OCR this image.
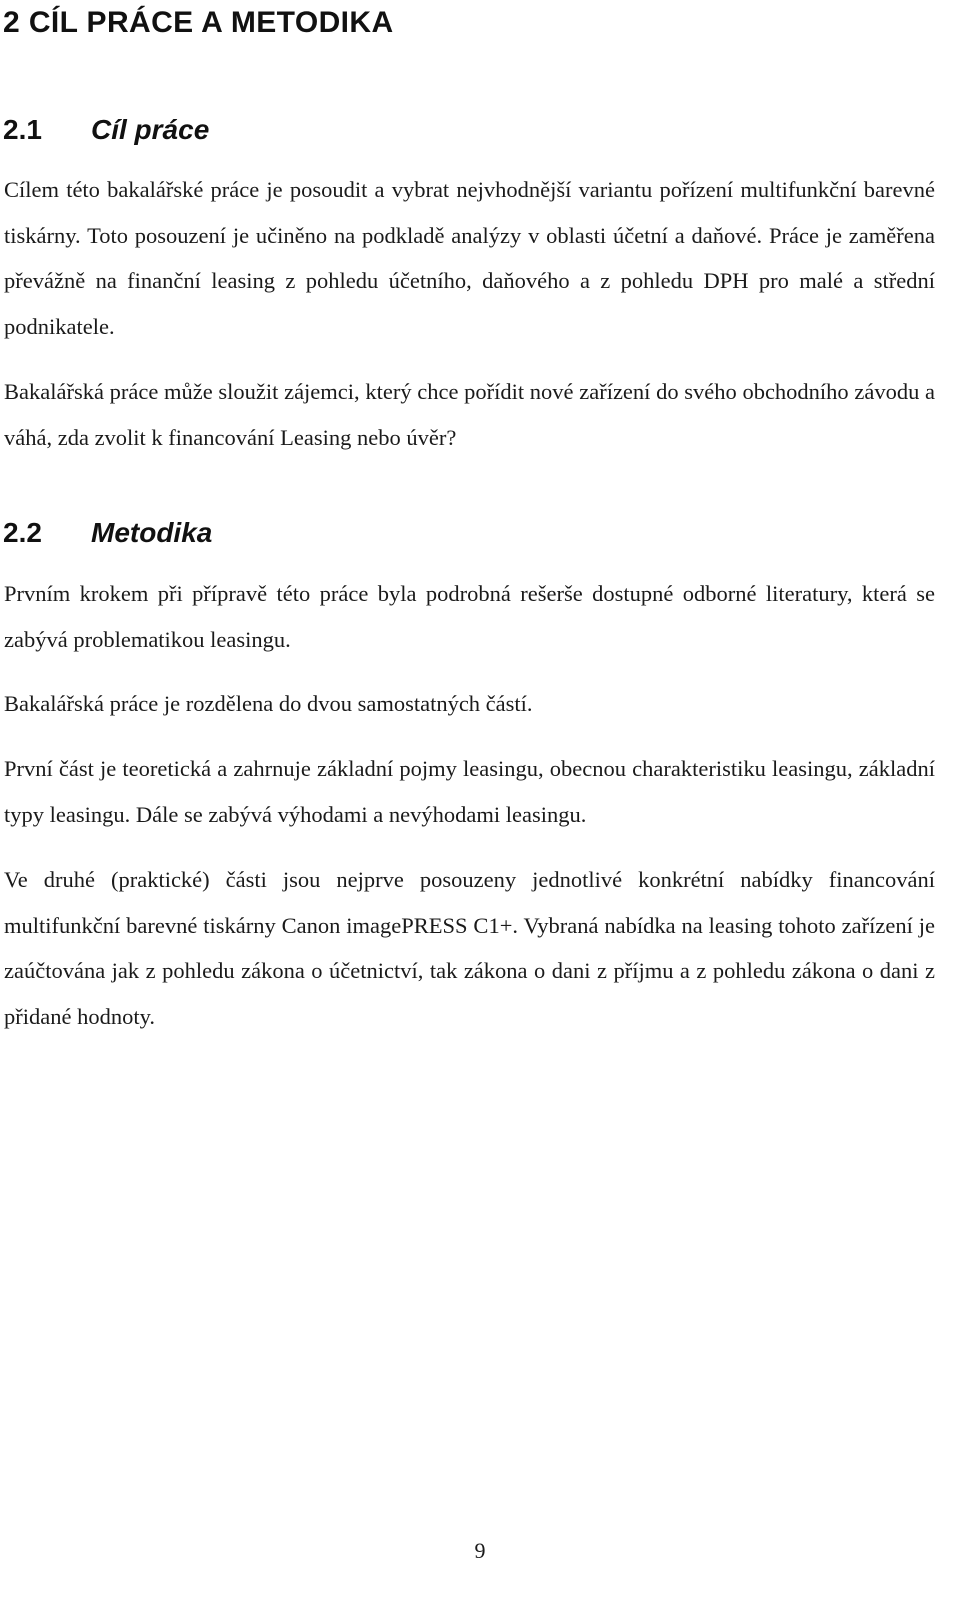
2 CÍL PRÁCE A METODIKA
2.1 Cíl práce

Cílem této bakalářské práce je posoudit a vybrat nejvhodnější variantu pořízení multifunkční barevné tiskárny. Toto posouzení je učiněno na podkladě analýzy v oblasti účetní a daňové. Práce je zaměřena převážně na finanční leasing z pohledu účetního, daňového a z pohledu DPH pro malé a střední podnikatele.

Bakalářská práce může sloužit zájemci, který chce pořídit nové zařízení do svého obchodního závodu a váhá, zda zvolit k financování Leasing nebo úvěr?

2.2 Metodika

Prvním krokem při přípravě této práce byla podrobná rešerše dostupné odborné literatury, která se zabývá problematikou leasingu.

Bakalářská práce je rozdělena do dvou samostatných částí.

První část je teoretická a zahrnuje základní pojmy leasingu, obecnou charakteristiku leasingu, základní typy leasingu. Dále se zabývá výhodami a nevýhodami leasingu.

Ve druhé (praktické) části jsou nejprve posouzeny jednotlivé konkrétní nabídky financování multifunkční barevné tiskárny Canon imagePRESS C1+. Vybraná nabídka na leasing tohoto zařízení je zaúčtována jak z pohledu zákona o účetnictví, tak zákona o dani z příjmu a z pohledu zákona o dani z přidané hodnoty.

9
